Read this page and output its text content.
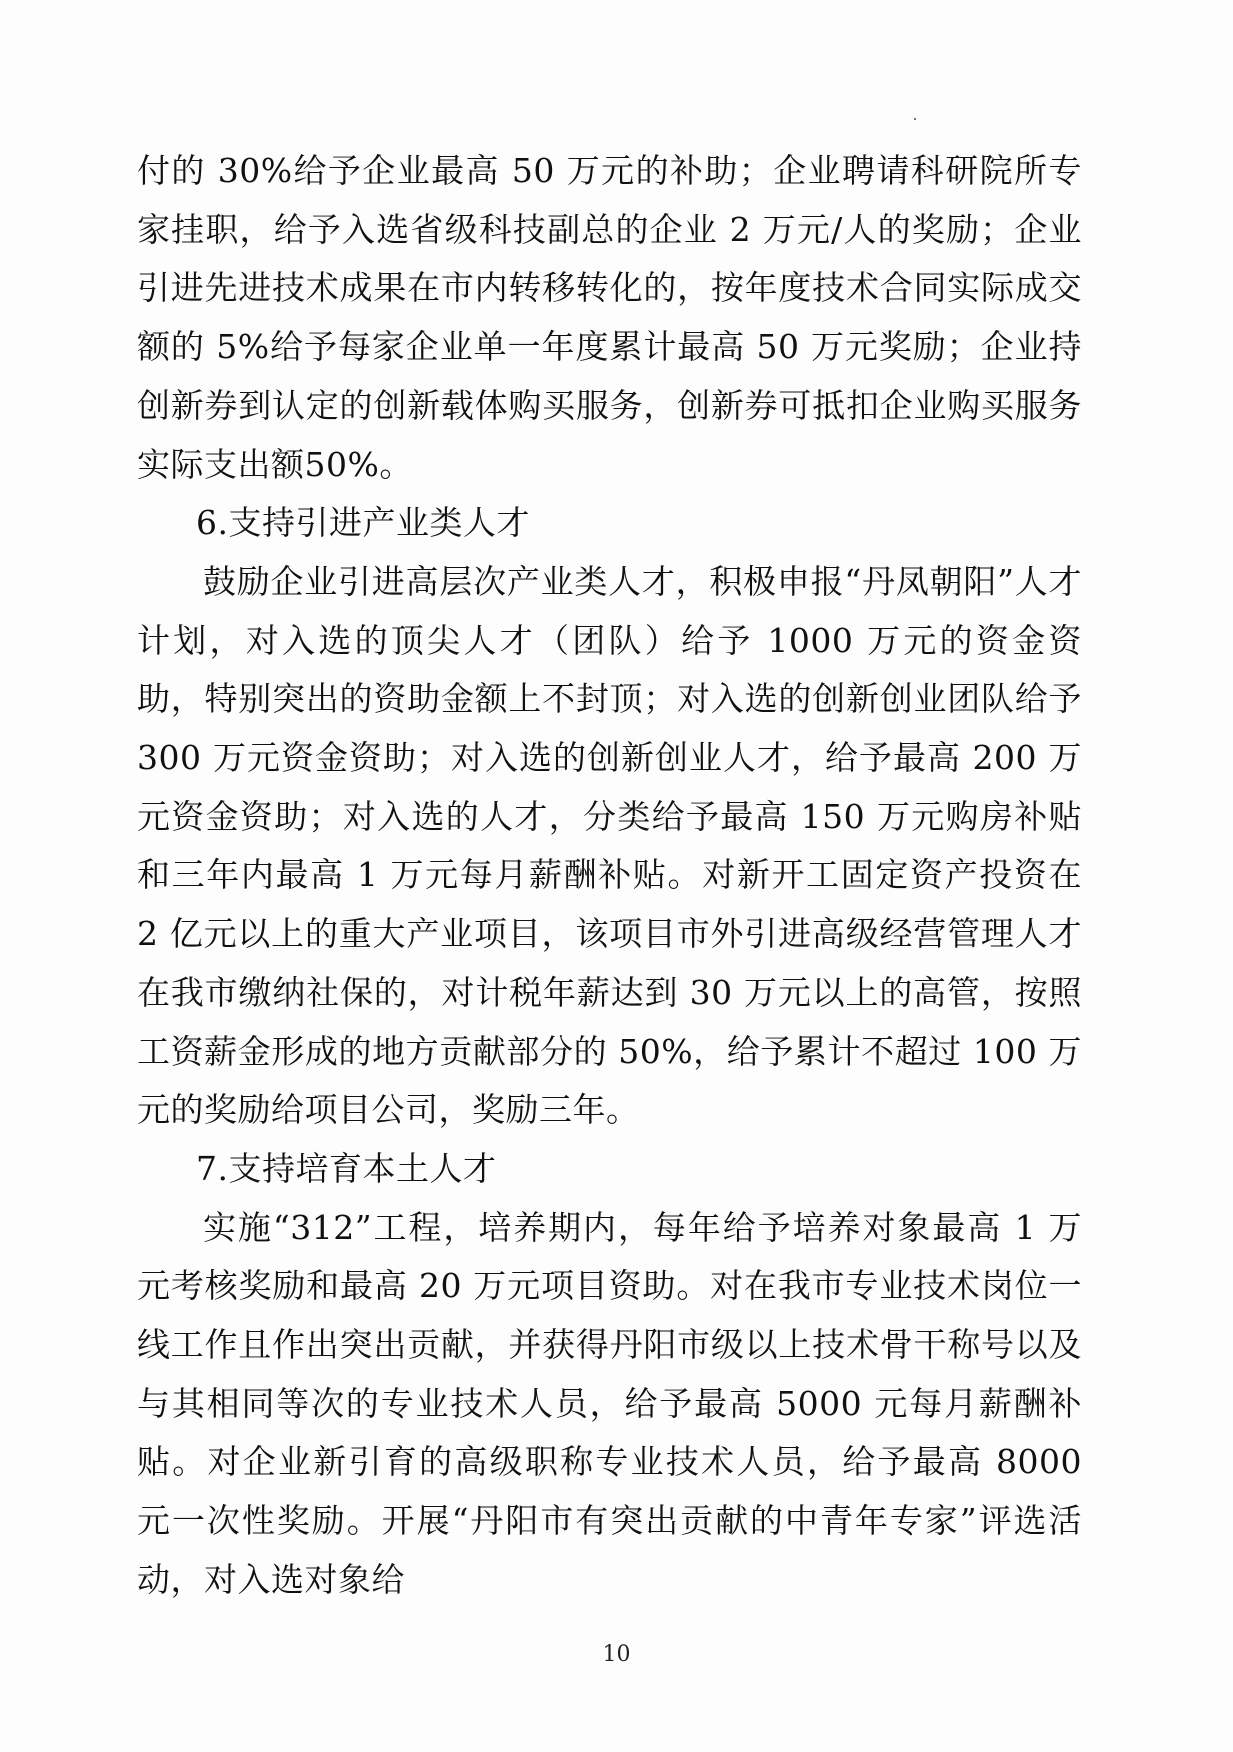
付的 30%给予企业最高 50 万元的补助；企业聘请科研院所专家挂职，给予入选省级科技副总的企业 2 万元/人的奖励；企业引进先进技术成果在市内转移转化的，按年度技术合同实际成交额的 5%给予每家企业单一年度累计最高 50 万元奖励；企业持创新券到认定的创新载体购买服务，创新券可抵扣企业购买服务实际支出额50%。

6.支持引进产业类人才

鼓励企业引进高层次产业类人才，积极申报“丹凤朝阳”人才计划，对入选的顶尖人才（团队）给予 1000 万元的资金资助，特别突出的资助金额上不封顶；对入选的创新创业团队给予 300 万元资金资助；对入选的创新创业人才，给予最高 200 万元资金资助；对入选的人才，分类给予最高 150 万元购房补贴和三年内最高 1 万元每月薪酬补贴。对新开工固定资产投资在 2 亿元以上的重大产业项目，该项目市外引进高级经营管理人才在我市缴纳社保的，对计税年薪达到 30 万元以上的高管，按照工资薪金形成的地方贡献部分的 50%，给予累计不超过 100 万元的奖励给项目公司，奖励三年。

7.支持培育本土人才

实施“312”工程，培养期内，每年给予培养对象最高 1 万元考核奖励和最高 20 万元项目资助。对在我市专业技术岗位一线工作且作出突出贡献，并获得丹阳市级以上技术骨干称号以及与其相同等次的专业技术人员，给予最高 5000 元每月薪酬补贴。对企业新引育的高级职称专业技术人员，给予最高 8000 元一次性奖励。开展“丹阳市有突出贡献的中青年专家”评选活动，对入选对象给

10
